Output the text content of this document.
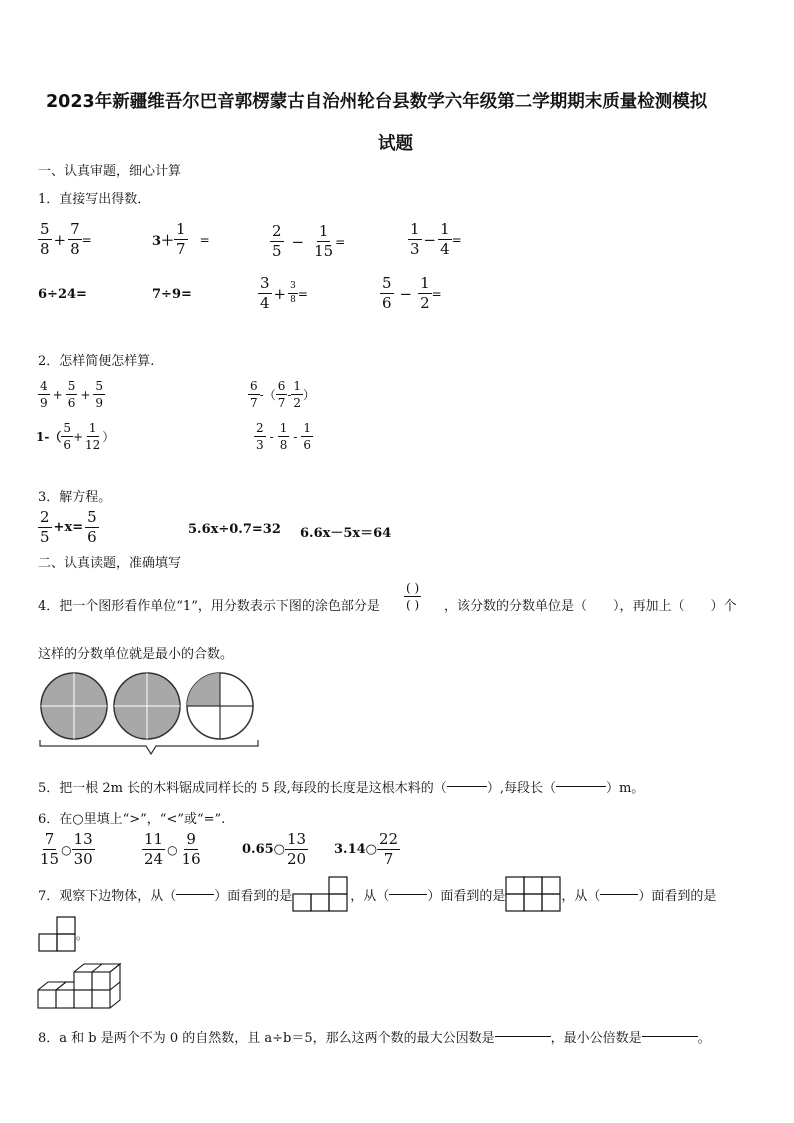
2023年新疆维吾尔巴音郭楞蒙古自治州轮台县数学六年级第二学期期末质量检测模拟
试题
一、认真审题，细心计算
1．直接写出得数．
$\frac{5}{8} + \frac{7}{8}$ =	$3+ \frac{1}{7}$ =	$\frac{2}{5} - \frac{1}{15}$ =	$\frac{1}{3} - \frac{1}{4}$ =
6÷24=	7÷9=	$\frac{3}{4} + \frac{3}{8}$ =	$\frac{5}{6} - \frac{1}{2}$ =
2．怎样简便怎样算.
$\frac{4}{9} + \frac{5}{6} + \frac{5}{9}$	$\frac{6}{7}$ -（ $\frac{6}{7} - \frac{1}{2}$ ）
$1-( \frac{5}{6} + \frac{1}{12}$ ）	$\frac{2}{3} - \frac{1}{8} - \frac{1}{6}$
3．解方程。
$\frac{2}{5} +x= \frac{5}{6}$	5.6x÷0.7=32 6.6x－5x＝64
二、认真读题，准确填写
4．把一个图形看作单位“1”，用分数表示下图的涂色部分是
( )
( ) ，该分数的分数单位是（　　），再加上（　　）个
这样的分数单位就是最小的合数。
5．把一根 2m 长的木料锯成同样长的 5 段,每段的长度是这根木料的（	）,每段长（	）m。
6．在○里填上“>”，“<”或“=”.
$\frac{7}{15}$ ○ $\frac{13}{30}$	$\frac{11}{24}$ ○ $\frac{9}{16}$	0.65○ $\frac{13}{20}$ 3.14○ $\frac{22}{7}$
7．观察下边物体，从（	）面看到的是	，从（	）面看到的是	，从（	）面看到的是
。
8．a 和 b 是两个不为 0 的自然数，且 a÷b＝5，那么这两个数的最大公因数是	，最小公倍数是	。
